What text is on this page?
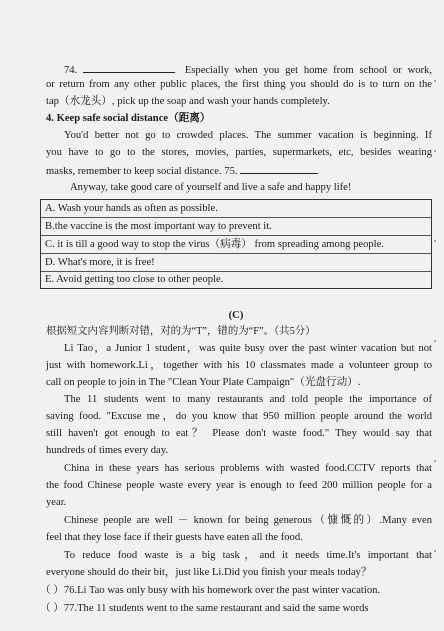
74.	Especially when you get home from school or work,
or return from any other public places, the first thing you should do is to turn on the
tap（水龙头）, pick up the soap and wash your hands completely.
4. Keep safe social distance（距离）
You'd better not go to crowded places. The summer vacation is beginning. If
you have to go to the stores, movies, parties, supermarkets, etc, besides wearing
masks, remember to keep social distance. 75.
Anyway, take good care of yourself and live a safe and happy life!
A. Wash your hands as often as possible.
B.the vaccine is the most important way to prevent it.
C. it is till a good way to stop the virus（病毒） from spreading among people.
D. What's more, it is free!
E. Avoid getting too close to other people.
(C)
根据短文内容判断对错，对的为“T”，错的为“F”。（共5分）
Li Tao，a Junior 1 student，was quite busy over the past winter vacation but not
just with homework.Li，together with his 10 classmates made a volunteer group to
call on people to join in The "Clean Your Plate Campaign"（光盘行动）.
The 11 students went to many restaurants and told people the importance of
saving food. "Excuse me，do you know that 950 million people around the world
still haven't got enough to eat？ Please don't waste food." They would say that
hundreds of times every day.
China in these years has serious problems with wasted food.CCTV reports that
the food Chinese people waste every year is enough to feed 200 million people for a
year.
Chinese people are well － known for being generous（慷慨的）.Many even
feel that they lose face if their guests have eaten all the food.
To reduce food waste is a big task，and it needs time.It's important that
everyone should do their bit，just like Li.Did you finish your meals today？
（ ）76.Li Tao was only busy with his homework over the past winter vacation.
（ ）77.The 11 students went to the same restaurant and said the same words
